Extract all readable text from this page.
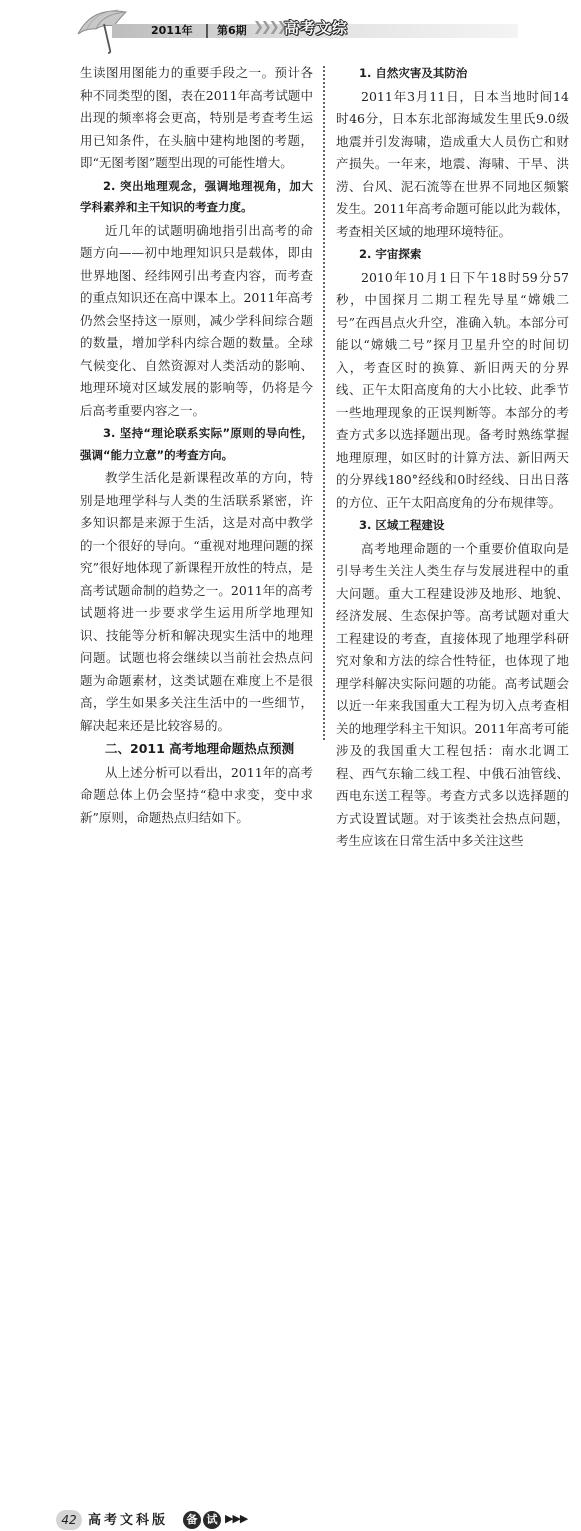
2011年 第6期 ❯❯❯❯ 高考文综

生读图用图能力的重要手段之一。预计各种不同类型的图，表在2011年高考试题中出现的频率将会更高，特别是考查考生运用已知条件，在头脑中建构地图的考题，即“无图考图”题型出现的可能性增大。

2. 突出地理观念，强调地理视角，加大学科素养和主干知识的考查力度。

近几年的试题明确地指引出高考的命题方向——初中地理知识只是载体，即由世界地图、经纬网引出考查内容，而考查的重点知识还在高中课本上。2011年高考仍然会坚持这一原则，减少学科间综合题的数量，增加学科内综合题的数量。全球气候变化、自然资源对人类活动的影响、地理环境对区域发展的影响等，仍将是今后高考重要内容之一。

3. 坚持“理论联系实际”原则的导向性，强调“能力立意”的考查方向。

教学生活化是新课程改革的方向，特别是地理学科与人类的生活联系紧密，许多知识都是来源于生活，这是对高中教学的一个很好的导向。“重视对地理问题的探究”很好地体现了新课程开放性的特点，是高考试题命制的趋势之一。2011年的高考试题将进一步要求学生运用所学地理知识、技能等分析和解决现实生活中的地理问题。试题也将会继续以当前社会热点问题为命题素材，这类试题在难度上不是很高，学生如果多关注生活中的一些细节，解决起来还是比较容易的。

二、2011 高考地理命题热点预测

从上述分析可以看出，2011年的高考命题总体上仍会坚持“稳中求变，变中求新”原则，命题热点归结如下。

1. 自然灾害及其防治

2011年3月11日，日本当地时间14时46分，日本东北部海域发生里氏9.0级地震并引发海啸，造成重大人员伤亡和财产损失。一年来，地震、海啸、干旱、洪涝、台风、泥石流等在世界不同地区频繁发生。2011年高考命题可能以此为载体，考查相关区域的地理环境特征。

2. 宇宙探索

2010年10月1日下午18时59分57秒，中国探月二期工程先导星“嫦娥二号”在西昌点火升空，准确入轨。本部分可能以“嫦娥二号”探月卫星升空的时间切入，考查区时的换算、新旧两天的分界线、正午太阳高度角的大小比较、此季节一些地理现象的正误判断等。本部分的考查方式多以选择题出现。备考时熟练掌握地理原理，如区时的计算方法、新旧两天的分界线180°经线和0时经线、日出日落的方位、正午太阳高度角的分布规律等。

3. 区域工程建设

高考地理命题的一个重要价值取向是引导考生关注人类生存与发展进程中的重大问题。重大工程建设涉及地形、地貌、经济发展、生态保护等。高考试题对重大工程建设的考查，直接体现了地理学科研究对象和方法的综合性特征，也体现了地理学科解决实际问题的功能。高考试题会以近一年来我国重大工程为切入点考查相关的地理学科主干知识。2011年高考可能涉及的我国重大工程包括：南水北调工程、西气东输二线工程、中俄石油管线、西电东送工程等。考查方式多以选择题的方式设置试题。对于该类社会热点问题，考生应该在日常生活中多关注这些

42 高考文科版	备 试 ▶▶▶
